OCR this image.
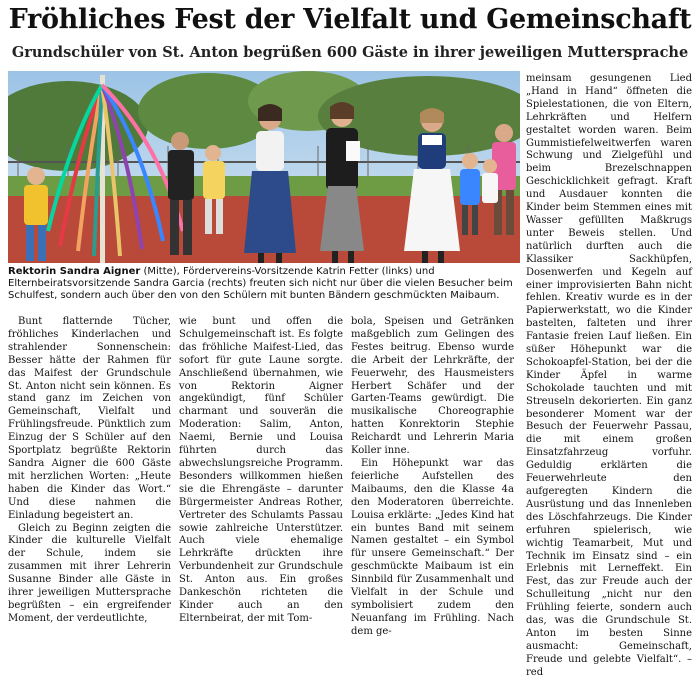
Fröhliches Fest der Vielfalt und Gemeinschaft
Grundschüler von St. Anton begrüßen 600 Gäste in ihrer jeweiligen Muttersprache
Rektorin Sandra Aigner (Mitte), Fördervereins-Vorsitzende Katrin Fetter (links) und Elternbeiratsvorsitzende Sandra Garcia (rechts) freuten sich nicht nur über die vielen Besucher beim Schulfest, sondern auch über den von den Schülern mit bunten Bändern geschmückten Maibaum.

Bunt flatternde Tücher, fröhliches Kinderlachen und strahlender Sonnenschein: Besser hätte der Rahmen für das Maifest der Grundschule St. Anton nicht sein können. Es stand ganz im Zeichen von Gemeinschaft, Vielfalt und Frühlingsfreude. Pünktlich zum Einzug der S Schüler auf den Sportplatz begrüßte Rektorin Sandra Aigner die 600 Gäste mit herzlichen Worten: „Heute haben die Kinder das Wort.“ Und diese nahmen die Einladung begeistert an.

Gleich zu Beginn zeigten die Kinder die kulturelle Vielfalt der Schule, indem sie zusammen mit ihrer Lehrerin Susanne Binder alle Gäste in ihrer jeweiligen Muttersprache begrüßten – ein ergreifender Moment, der verdeutlichte,

wie bunt und offen die Schulgemeinschaft ist. Es folgte das fröhliche Maifest-Lied, das sofort für gute Laune sorgte. Anschließend übernahmen, wie von Rektorin Aigner angekündigt, fünf Schüler charmant und souverän die Moderation: Salim, Anton, Naemi, Bernie und Louisa führten durch das abwechslungsreiche Programm. Besonders willkommen hießen sie die Ehrengäste – darunter Bürgermeister Andreas Rother, Vertreter des Schulamts Passau sowie zahlreiche Unterstützer. Auch viele ehemalige Lehrkräfte drückten ihre Verbundenheit zur Grundschule St. Anton aus. Ein großes Dankeschön richteten die Kinder auch an den Elternbeirat, der mit Tom-

bola, Speisen und Getränken maßgeblich zum Gelingen des Festes beitrug. Ebenso wurde die Arbeit der Lehrkräfte, der Feuerwehr, des Hausmeisters Herbert Schäfer und der Garten-Teams gewürdigt. Die musikalische Choreographie hatten Konrektorin Stephie Reichardt und Lehrerin Maria Koller inne.

Ein Höhepunkt war das feierliche Aufstellen des Maibaums, den die Klasse 4a den Moderatoren überreichte. Louisa erklärte: „Jedes Kind hat ein buntes Band mit seinem Namen gestaltet – ein Symbol für unsere Gemeinschaft.“ Der geschmückte Maibaum ist ein Sinnbild für Zusammenhalt und Vielfalt in der Schule und symbolisiert zudem den Neuanfang im Frühling. Nach dem ge-

meinsam gesungenen Lied „Hand in Hand“ öffneten die Spielestationen, die von Eltern, Lehrkräften und Helfern gestaltet worden waren. Beim Gummistiefelweitwerfen waren Schwung und Zielgefühl und beim Brezelschnappen Geschicklichkeit gefragt. Kraft und Ausdauer konnten die Kinder beim Stemmen eines mit Wasser gefüllten Maßkrugs unter Beweis stellen. Und natürlich durften auch die Klassiker Sackhüpfen, Dosenwerfen und Kegeln auf einer improvisierten Bahn nicht fehlen. Kreativ wurde es in der Papierwerkstatt, wo die Kinder bastelten, falteten und ihrer Fantasie freien Lauf ließen. Ein süßer Höhepunkt war die Schokoapfel-Station, bei der die Kinder Äpfel in warme Schokolade tauchten und mit Streuseln dekorierten. Ein ganz besonderer Moment war der Besuch der Feuerwehr Passau, die mit einem großen Einsatzfahrzeug vorfuhr. Geduldig erklärten die Feuerwehrleute den aufgeregten Kindern die Ausrüstung und das Innenleben des Löschfahrzeugs. Die Kinder erfuhren spielerisch, wie wichtig Teamarbeit, Mut und Technik im Einsatz sind – ein Erlebnis mit Lerneffekt. Ein Fest, das zur Freude auch der Schulleitung „nicht nur den Frühling feierte, sondern auch das, was die Grundschule St. Anton im besten Sinne ausmacht: Gemeinschaft, Freude und gelebte Vielfalt“. – red
